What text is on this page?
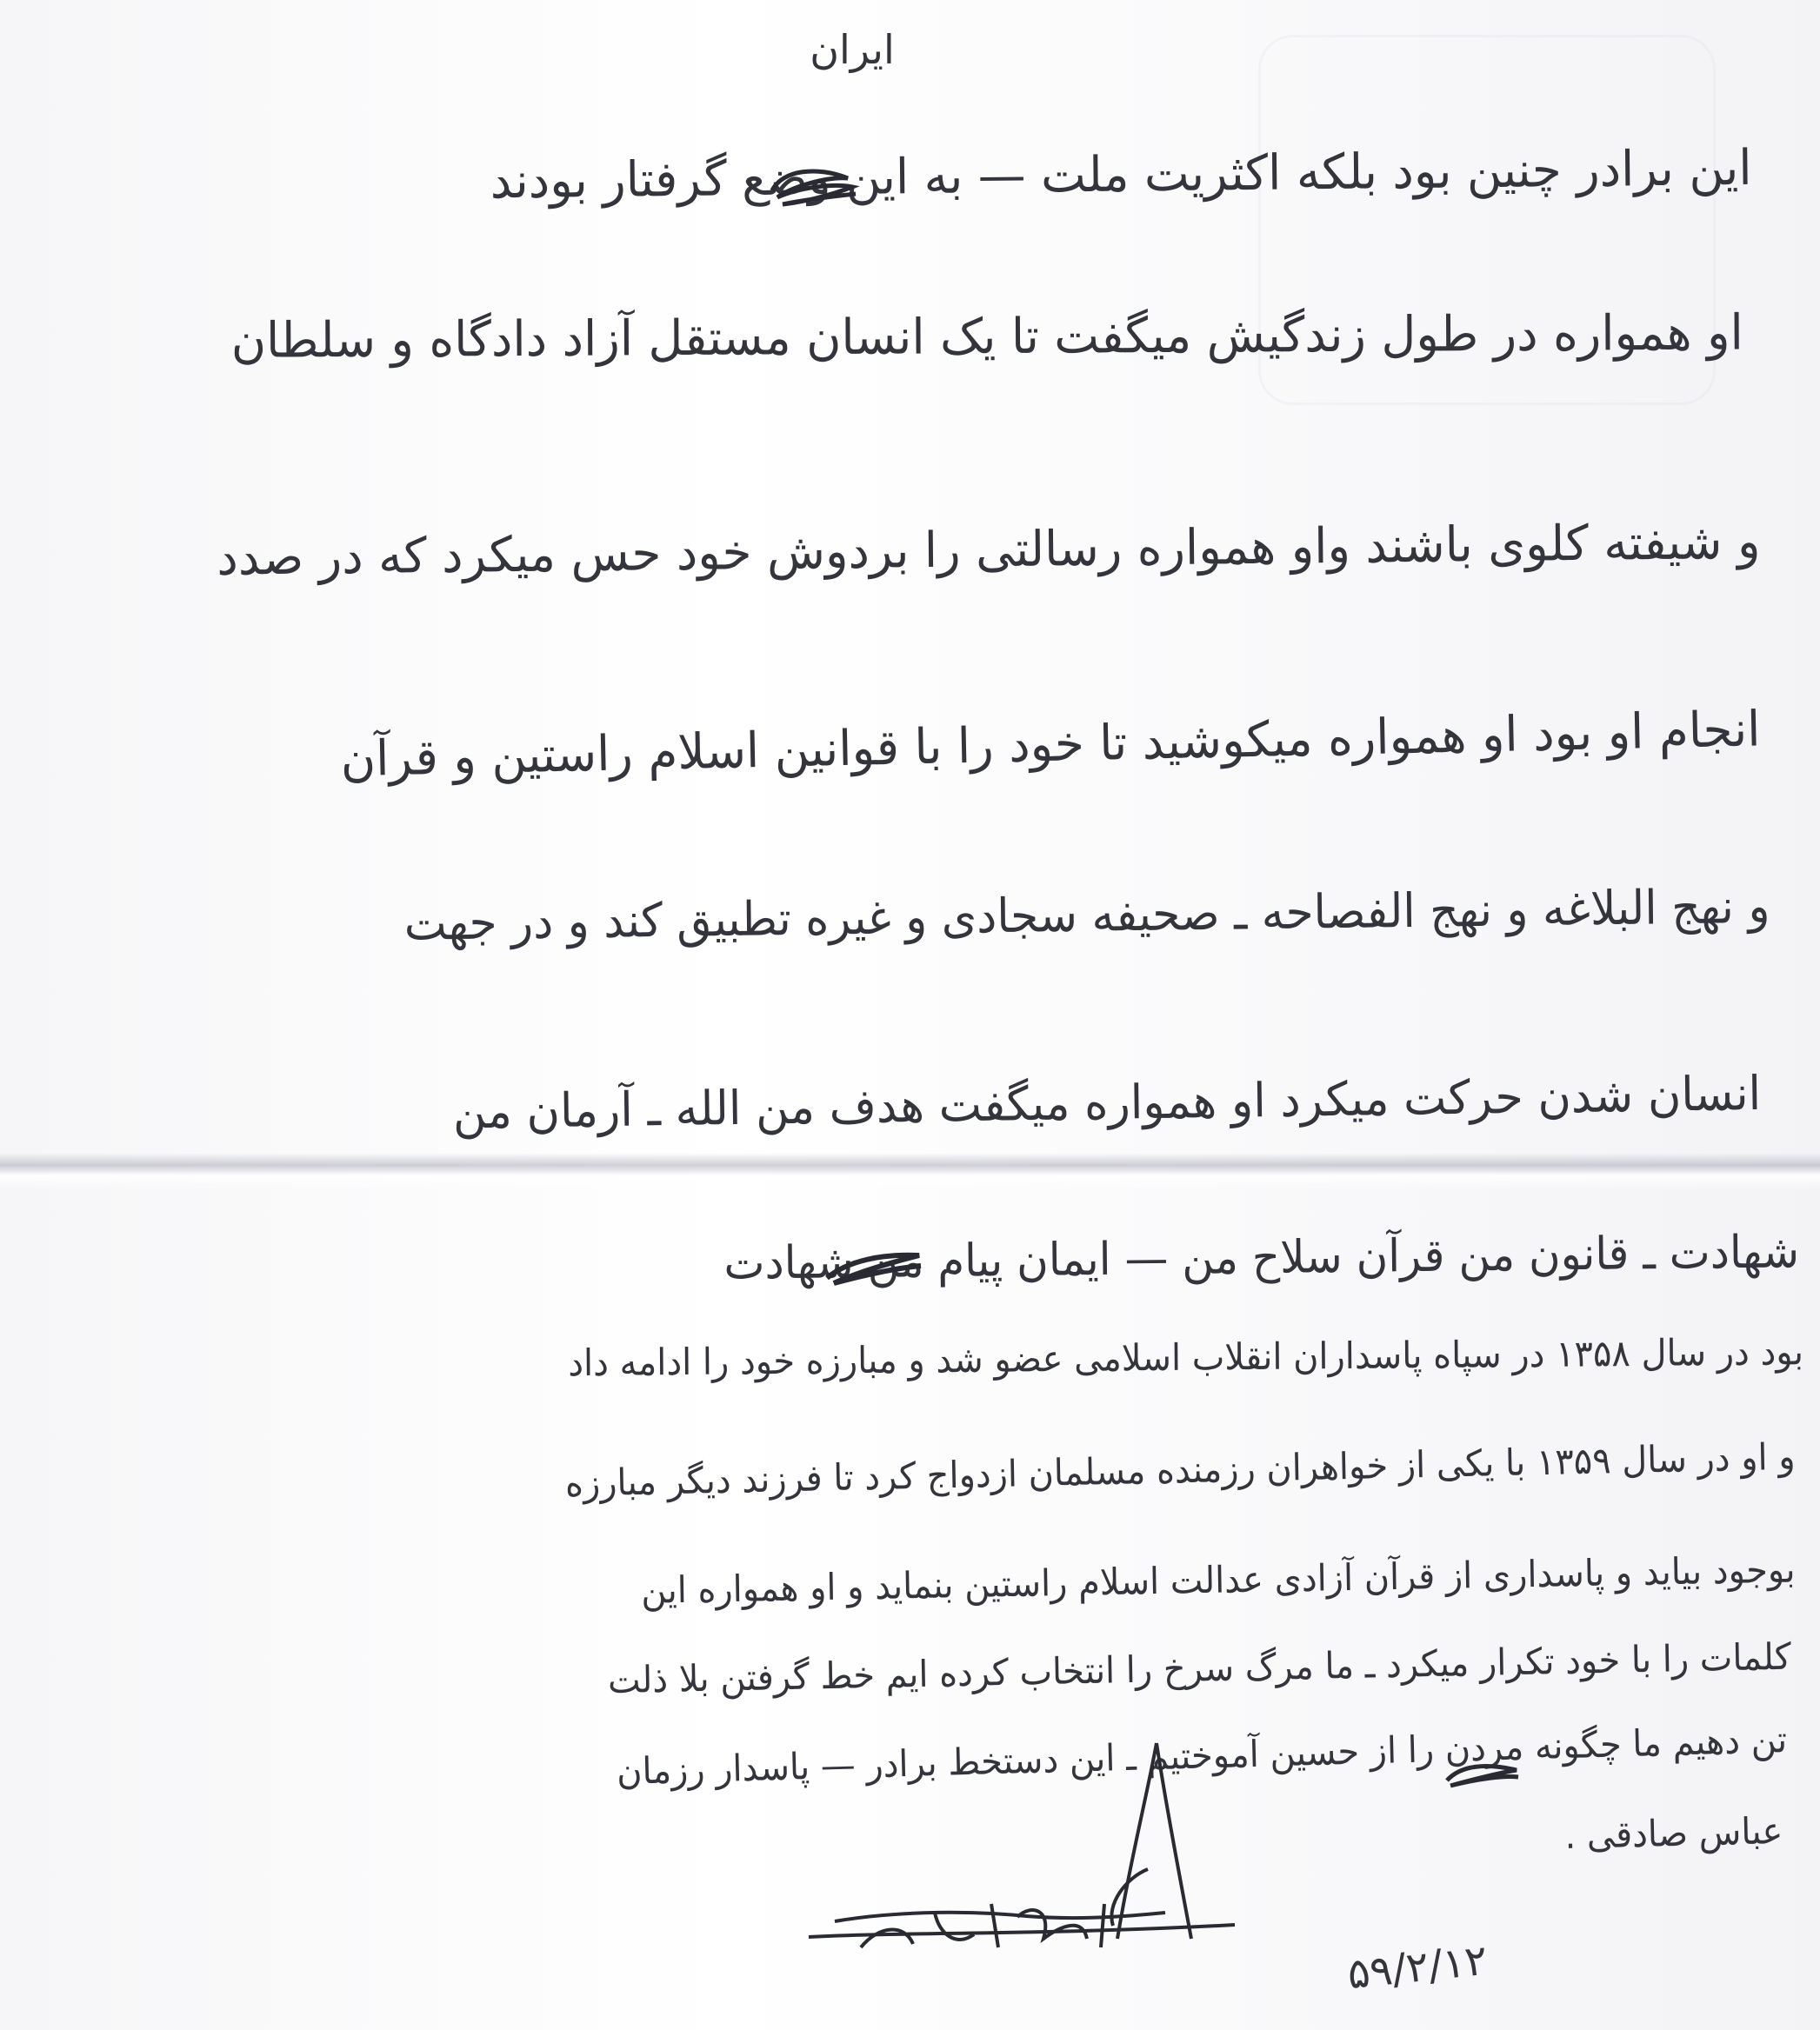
ایران
این برادر چنین بود بلکه اکثریت ملت — به این وضع گرفتار بودند
او همواره در طول زندگیش میگفت تا یک انسان مستقل آزاد دادگاه و سلطان
و شیفته کلوی باشند واو همواره رسالتی را بردوش خود حس میکرد که در صدد
انجام او بود او همواره میکوشید تا خود را با قوانین اسلام راستین و قرآن
و نهج البلاغه و نهج الفصاحه ـ صحیفه سجادی و غیره تطبیق کند و در جهت
انسان شدن حرکت میکرد او همواره میگفت هدف من الله ـ آرمان من
شهادت ـ قانون من قرآن سلاح من — ایمان پیام من شهادت
بود در سال ۱۳۵۸ در سپاه پاسداران انقلاب اسلامی عضو شد و مبارزه خود را ادامه داد
و او در سال ۱۳۵۹ با یکی از خواهران رزمنده مسلمان ازدواج کرد تا فرزند دیگر مبارزه
بوجود بیاید و پاسداری از قرآن آزادی عدالت اسلام راستین بنماید و او همواره این
کلمات را با خود تکرار میکرد ـ ما مرگ سرخ را انتخاب کرده ایم خط گرفتن بلا ذلت
تن دهیم ما چگونه مردن را از حسین آموختیم ـ این دستخط برادر — پاسدار رزمان
عباس صادقی .
۵۹/۲/۱۲
